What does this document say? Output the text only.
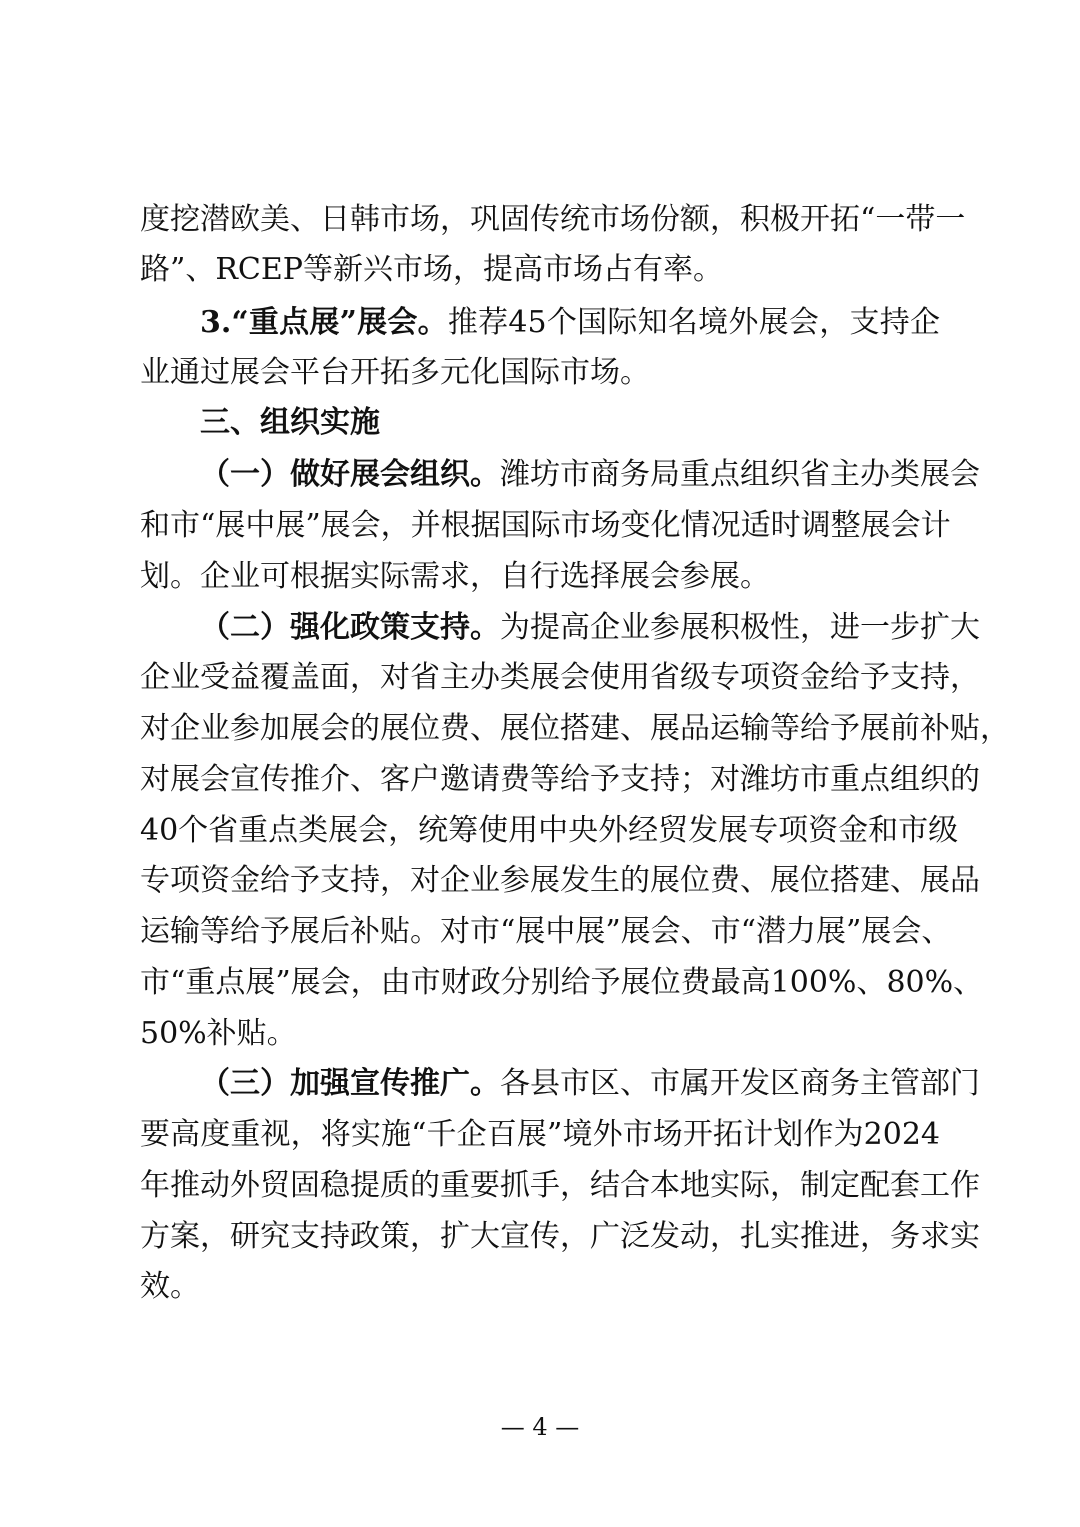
度挖潜欧美、日韩市场，巩固传统市场份额，积极开拓“一带一
路”、RCEP等新兴市场，提高市场占有率。
3.“重点展”展会。推荐45个国际知名境外展会，支持企
业通过展会平台开拓多元化国际市场。
三、组织实施
（一）做好展会组织。潍坊市商务局重点组织省主办类展会
和市“展中展”展会，并根据国际市场变化情况适时调整展会计
划。企业可根据实际需求，自行选择展会参展。
（二）强化政策支持。为提高企业参展积极性，进一步扩大
企业受益覆盖面，对省主办类展会使用省级专项资金给予支持，
对企业参加展会的展位费、展位搭建、展品运输等给予展前补贴，
对展会宣传推介、客户邀请费等给予支持；对潍坊市重点组织的
40个省重点类展会，统筹使用中央外经贸发展专项资金和市级
专项资金给予支持，对企业参展发生的展位费、展位搭建、展品
运输等给予展后补贴。对市“展中展”展会、市“潜力展”展会、
市“重点展”展会，由市财政分别给予展位费最高100%、80%、
50%补贴。
（三）加强宣传推广。各县市区、市属开发区商务主管部门
要高度重视，将实施“千企百展”境外市场开拓计划作为2024
年推动外贸固稳提质的重要抓手，结合本地实际，制定配套工作
方案，研究支持政策，扩大宣传，广泛发动，扎实推进，务求实
效。
— 4 —
